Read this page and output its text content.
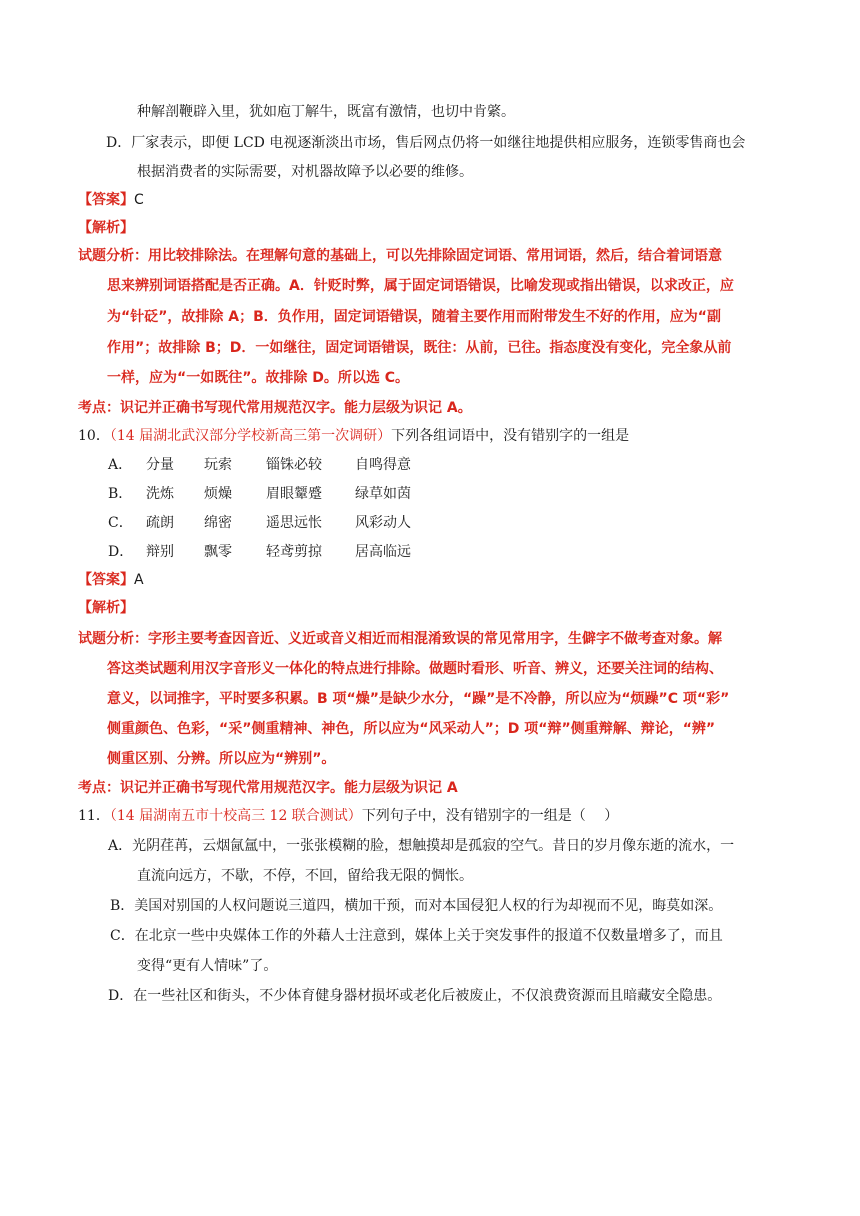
种解剖鞭辟入里，犹如庖丁解牛，既富有激情，也切中肯綮。
D．厂家表示，即便 LCD 电视逐渐淡出市场，售后网点仍将一如继往地提供相应服务，连锁零售商也会
根据消费者的实际需要，对机器故障予以必要的维修。
【答案】C
【解析】
试题分析：用比较排除法。在理解句意的基础上，可以先排除固定词语、常用词语，然后，结合着词语意
思来辨别词语搭配是否正确。A．针贬时弊，属于固定词语错误，比喻发现或指出错误，以求改正，应
为“针砭”，故排除 A；B．负作用，固定词语错误，随着主要作用而附带发生不好的作用，应为“副
作用”；故排除 B；D．一如继往，固定词语错误，既往：从前，已往。指态度没有变化，完全象从前
一样，应为“一如既往”。故排除 D。所以选 C。
考点：识记并正确书写现代常用规范汉字。能力层级为识记 A。
10．（14 届湖北武汉部分学校新高三第一次调研）下列各组词语中，没有错别字的一组是
A． 分量 玩索 锱铢必较 自鸣得意
B． 洗炼 烦燥 眉眼颦蹙 绿草如茵
C． 疏朗 绵密 遥思远怅 风彩动人
D． 辩别 飘零 轻鸢剪掠 居高临远
【答案】A
【解析】
试题分析：字形主要考查因音近、义近或音义相近而相混淆致误的常见常用字，生僻字不做考查对象。解
答这类试题利用汉字音形义一体化的特点进行排除。做题时看形、听音、辨义，还要关注词的结构、
意义，以词推字，平时要多积累。B 项“燥”是缺少水分，“躁”是不冷静，所以应为“烦躁”C 项“彩”
侧重颜色、色彩，“采”侧重精神、神色，所以应为“风采动人”；D 项“辩”侧重辩解、辩论，“辨”
侧重区别、分辨。所以应为“辨别”。
考点：识记并正确书写现代常用规范汉字。能力层级为识记 A
11．（14 届湖南五市十校高三 12 联合测试）下列句子中，没有错别字的一组是（　 ）
A．光阴荏苒，云烟氤氲中，一张张模糊的脸，想触摸却是孤寂的空气。昔日的岁月像东逝的流水，一
直流向远方，不歇，不停，不回，留给我无限的惆怅。
B．美国对别国的人权问题说三道四，横加干预，而对本国侵犯人权的行为却视而不见，晦莫如深。
C．在北京一些中央媒体工作的外藉人士注意到，媒体上关于突发事件的报道不仅数量增多了，而且
变得“更有人情味”了。
D．在一些社区和街头，不少体育健身器材损坏或老化后被废止，不仅浪费资源而且暗藏安全隐患。
